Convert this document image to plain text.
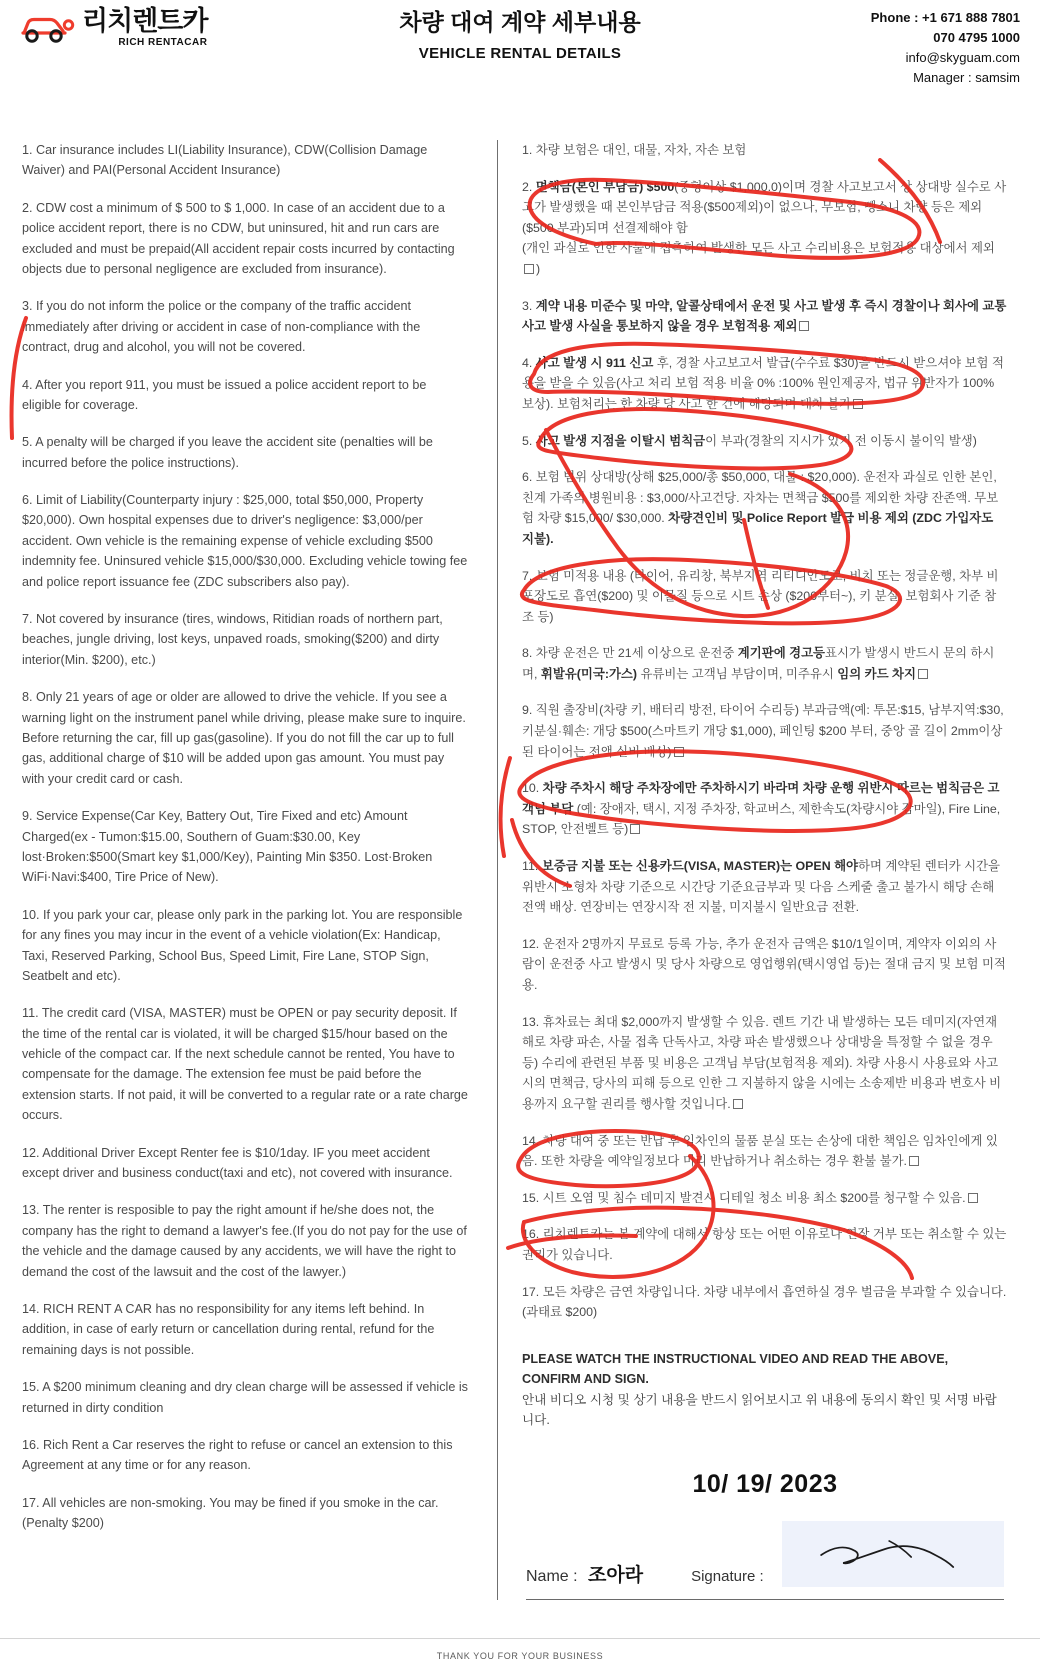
리치렌트카
RICH RENTACAR
차량 대여 계약 세부내용
VEHICLE RENTAL DETAILS
Phone : +1 671 888 7801
070 4795 1000
info@skyguam.com
Manager : samsim

1. Car insurance includes LI(Liability Insurance), CDW(Collision Damage Waiver) and PAI(Personal Accident Insurance)

2. CDW cost a minimum of $ 500 to $ 1,000. In case of an accident due to a police accident report, there is no CDW, but uninsured, hit and run cars are excluded and must be prepaid(All accident repair costs incurred by contacting objects due to personal negligence are excluded from insurance).

3. If you do not inform the police or the company of the traffic accident immediately after driving or accident in case of non-compliance with the contract, drug and alcohol, you will not be covered.

4. After you report 911, you must be issued a police accident report to be eligible for coverage.

5. A penalty will be charged if you leave the accident site (penalties will be incurred before the police instructions).

6. Limit of Liability(Counterparty injury : $25,000, total $50,000, Property $20,000). Own hospital expenses due to driver's negligence: $3,000/per accident. Own vehicle is the remaining expense of vehicle excluding $500 indemnity fee. Uninsured vehicle $15,000/$30,000. Excluding vehicle towing fee and police report issuance fee (ZDC subscribers also pay).

7. Not covered by insurance (tires, windows, Ritidian roads of northern part, beaches, jungle driving, lost keys, unpaved roads, smoking($200) and dirty interior(Min. $200), etc.)

8. Only 21 years of age or older are allowed to drive the vehicle. If you see a warning light on the instrument panel while driving, please make sure to inquire. Before returning the car, fill up gas(gasoline). If you do not fill the car up to full gas, additional charge of $10 will be added upon gas amount. You must pay with your credit card or cash.

9. Service Expense(Car Key, Battery Out, Tire Fixed and etc) Amount Charged(ex - Tumon:$15.00, Southern of Guam:$30.00, Key lost·Broken:$500(Smart key $1,000/Key), Painting Min $350. Lost·Broken WiFi·Navi:$400, Tire Price of New).

10. If you park your car, please only park in the parking lot. You are responsible for any fines you may incur in the event of a vehicle violation(Ex: Handicap, Taxi, Reserved Parking, School Bus, Speed Limit, Fire Lane, STOP Sign, Seatbelt and etc).

11. The credit card (VISA, MASTER) must be OPEN or pay security deposit. If the time of the rental car is violated, it will be charged $15/hour based on the vehicle of the compact car. If the next schedule cannot be rented, You have to compensate for the damage. The extension fee must be paid before the extension starts. If not paid, it will be converted to a regular rate or a rate charge occurs.

12. Additional Driver Except Renter fee is $10/1day. IF you meet accident except driver and business conduct(taxi and etc), not covered with insurance.

13. The renter is resposible to pay the right amount if he/she does not, the company has the right to demand a lawyer's fee.(If you do not pay for the use of the vehicle and the damage caused by any accidents, we will have the right to demand the cost of the lawsuit and the cost of the lawyer.)

14. RICH RENT A CAR has no responsibility for any items left behind. In addition, in case of early return or cancellation during rental, refund for the remaining days is not possible.

15. A $200 minimum cleaning and dry clean charge will be assessed if vehicle is returned in dirty condition

16. Rich Rent a Car reserves the right to refuse or cancel an extension to this Agreement at any time or for any reason.

17. All vehicles are non-smoking. You may be fined if you smoke in the car. (Penalty $200)

1. 차량 보험은 대인, 대물, 자차, 자손 보험

2. 면책금(본인 부담금) $500(중형이상 $1,000.0)이며 경찰 사고보고서 상 상대방 실수로 사고가 발생했을 때 본인부담금 적용($500제외)이 없으나, 무보험, 뺑소니 차량 등은 제외($500 부과)되며 선결제해야 함
(개인 과실로 인한 사물에 접촉하여 발생한 모든 사고 수리비용은 보험적용 대상에서 제외)

3. 계약 내용 미준수 및 마약, 알콜상태에서 운전 및 사고 발생 후 즉시 경찰이나 회사에 교통사고 발생 사실을 통보하지 않을 경우 보험적용 제외

4. 사고 발생 시 911 신고 후, 경찰 사고보고서 발급(수수료 $30)을 반드시 받으셔야 보험 적용을 받을 수 있음(사고 처리 보험 적용 비율 0% :100% 원인제공자, 법규 위반자가 100% 보상). 보험처리는 한 차량 당 사고 한 건에 해당되며 대차 불가

5. 사고 발생 지점을 이탈시 범칙금이 부과(경찰의 지시가 있기 전 이동시 불이익 발생)

6. 보험 범위 상대방(상해 $25,000/총 $50,000, 대물 : $20,000). 운전자 과실로 인한 본인, 친계 가족의 병원비용 : $3,000/사고건당. 자차는 면책금 $500를 제외한 차량 잔존액. 무보험 차량 $15,000/ $30,000. 차량견인비 및 Police Report 발급 비용 제외 (ZDC 가입자도 지불).

7. 보험 미적용 내용 (타이어, 유리창, 북부지역 리티디안도로, 비치 또는 정글운행, 차부 비포장도로 흡연($200) 및 이물질 등으로 시트 손상 ($200부터~), 키 분실, 보험회사 기준 참조 등)

8. 차량 운전은 만 21세 이상으로 운전중 계기판에 경고등표시가 발생시 반드시 문의 하시며, 휘발유(미국:가스) 유류비는 고객님 부담이며, 미주유시 임의 카드 차지

9. 직원 출장비(차량 키, 배터리 방전, 타이어 수리등) 부과금액(예: 투몬:$15, 남부지역:$30, 키분실·훼손: 개당 $500(스마트키 개당 $1,000), 페인팅 $200 부터, 중앙 골 길이 2mm이상 된 타이어는 전액 실비 배상)

10. 차량 주차시 해당 주차장에만 주차하시기 바라며 차량 운행 위반시 따르는 범칙금은 고객님 부담 (예: 장애자, 택시, 지정 주차장, 학교버스, 제한속도(차량시야 감마일), Fire Line, STOP, 안전벨트 등)

11. 보증금 지불 또는 신용카드(VISA, MASTER)는 OPEN 해야하며 계약된 렌터카 시간을 위반시 소형차 차량 기준으로 시간당 기준요금부과 및 다음 스케줄 출고 불가시 해당 손해 전액 배상. 연장비는 연장시작 전 지불, 미지불시 일반요금 전환.

12. 운전자 2명까지 무료로 등록 가능, 추가 운전자 금액은 $10/1일이며, 계약자 이외의 사람이 운전중 사고 발생시 및 당사 차량으로 영업행위(택시영업 등)는 절대 금지 및 보험 미적용.

13. 휴차료는 최대 $2,000까지 발생할 수 있음. 렌트 기간 내 발생하는 모든 데미지(자연재해로 차량 파손, 사물 접촉 단독사고, 차량 파손 발생했으나 상대방을 특정할 수 없을 경우 등) 수리에 관련된 부품 및 비용은 고객님 부담(보험적용 제외). 차량 사용시 사용료와 사고시의 면책금, 당사의 피해 등으로 인한 그 지불하지 않을 시에는 소송제반 비용과 변호사 비용까지 요구할 권리를 행사할 것입니다.

14. 차량 대여 중 또는 반납 후 임차인의 물품 분실 또는 손상에 대한 책임은 임차인에게 있음. 또한 차량을 예약일정보다 미리 반납하거나 취소하는 경우 환불 불가.

15. 시트 오염 및 침수 데미지 발견시 디테일 청소 비용 최소 $200를 청구할 수 있음.

16. 리치렌트카는 본 계약에 대해서 항상 또는 어떤 이유로나 연장 거부 또는 취소할 수 있는 권리가 있습니다.

17. 모든 차량은 금연 차량입니다. 차량 내부에서 흡연하실 경우 벌금을 부과할 수 있습니다. (과태료 $200)

PLEASE WATCH THE INSTRUCTIONAL VIDEO AND READ THE ABOVE, CONFIRM AND SIGN.
안내 비디오 시청 및 상기 내용을 반드시 읽어보시고 위 내용에 동의시 확인 및 서명 바랍니다.
10/ 19/ 2023
Name : 조아라	Signature :
THANK YOU FOR YOUR BUSINESS
